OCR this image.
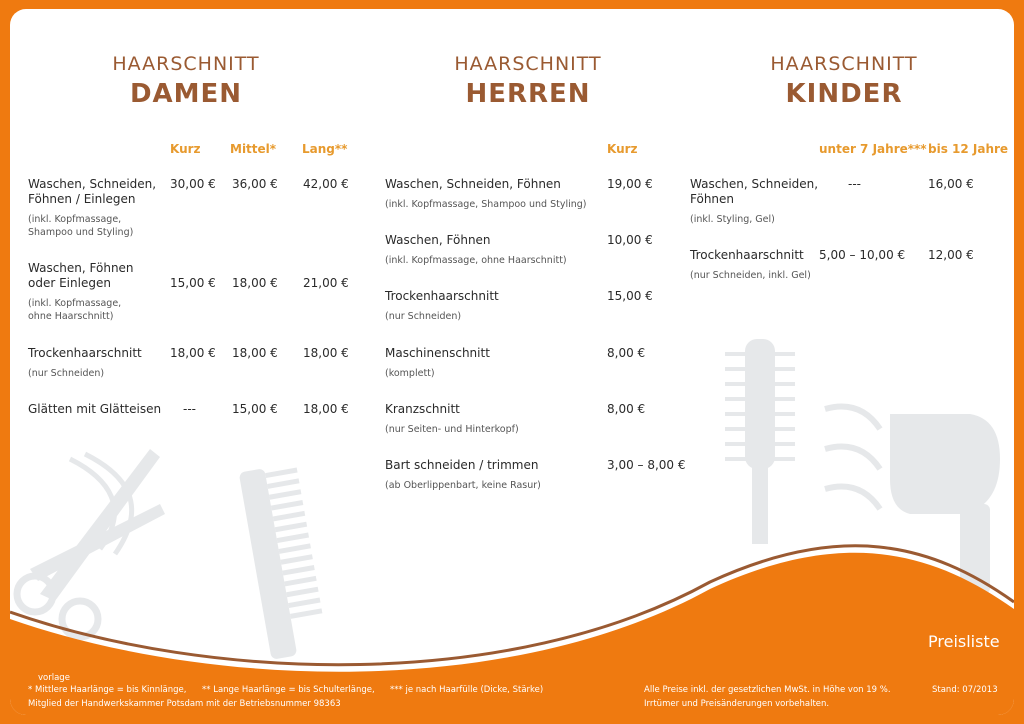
HAARSCHNITT
DAMEN
HAARSCHNITT
HERREN
HAARSCHNITT
KINDER
Kurz Mittel* Lang**
Waschen, Schneiden,
Föhnen / Einlegen
(inkl. Kopfmassage,
Shampoo und Styling)
30,00 € 36,00 € 42,00 €
Waschen, Föhnen
oder Einlegen
(inkl. Kopfmassage,
ohne Haarschnitt)
15,00 € 18,00 € 21,00 €
Trockenhaarschnitt
(nur Schneiden)
18,00 € 18,00 € 18,00 €
Glätten mit Glätteisen ---	15,00 € 18,00 €
Kurz
Waschen, Schneiden, Föhnen
(inkl. Kopfmassage, Shampoo und Styling)
19,00 €
Waschen, Föhnen
(inkl. Kopfmassage, ohne Haarschnitt)
10,00 €
Trockenhaarschnitt
(nur Schneiden)
15,00 €
Maschinenschnitt
(komplett)
8,00 €
Kranzschnitt
(nur Seiten- und Hinterkopf)
8,00 €
Bart schneiden / trimmen
(ab Oberlippenbart, keine Rasur)
3,00 – 8,00 €
unter 7 Jahre*** bis 12 Jahre
Waschen, Schneiden,
Föhnen
(inkl. Styling, Gel)
---	16,00 €
Trockenhaarschnitt
(nur Schneiden, inkl. Gel)
5,00 – 10,00 € 12,00 €
Preisliste
vorlage
* Mittlere Haarlänge = bis Kinnlänge, ** Lange Haarlänge = bis Schulterlänge, *** je nach Haarfülle (Dicke, Stärke)
Mitglied der Handwerkskammer Potsdam mit der Betriebsnummer 98363
Alle Preise inkl. der gesetzlichen MwSt. in Höhe von 19 %.
Irrtümer und Preisänderungen vorbehalten.
Stand: 07/2013
